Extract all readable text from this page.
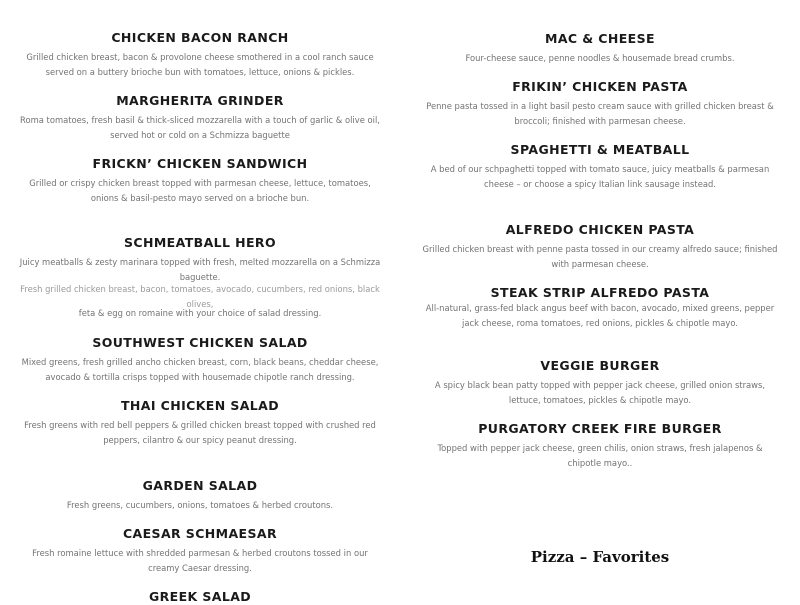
CHICKEN BACON RANCH
Grilled chicken breast, bacon & provolone cheese smothered in a cool ranch sauce served on a buttery brioche bun with tomatoes, lettuce, onions & pickles.
MARGHERITA GRINDER
Roma tomatoes, fresh basil & thick-sliced mozzarella with a touch of garlic & olive oil, served hot or cold on a Schmizza baguette
FRICKN’ CHICKEN SANDWICH
Grilled or crispy chicken breast topped with parmesan cheese, lettuce, tomatoes, onions & basil-pesto mayo served on a brioche bun.
SCHMEATBALL HERO
Juicy meatballs & zesty marinara topped with fresh, melted mozzarella on a Schmizza baguette.
Fresh grilled chicken breast, bacon, tomatoes, avocado, cucumbers, red onions, black olives,
feta & egg on romaine with your choice of salad dressing.
SOUTHWEST CHICKEN SALAD
Mixed greens, fresh grilled ancho chicken breast, corn, black beans, cheddar cheese, avocado & tortilla crisps topped with housemade chipotle ranch dressing.
THAI CHICKEN SALAD
Fresh greens with red bell peppers & grilled chicken breast topped with crushed red peppers, cilantro & our spicy peanut dressing.
GARDEN SALAD
Fresh greens, cucumbers, onions, tomatoes & herbed croutons.
CAESAR SCHMAESAR
Fresh romaine lettuce with shredded parmesan & herbed croutons tossed in our creamy Caesar dressing.
GREEK SALAD
MAC & CHEESE
Four-cheese sauce, penne noodles & housemade bread crumbs.
FRIKIN’ CHICKEN PASTA
Penne pasta tossed in a light basil pesto cream sauce with grilled chicken breast & broccoli; finished with parmesan cheese.
SPAGHETTI & MEATBALL
A bed of our schpaghetti topped with tomato sauce, juicy meatballs & parmesan cheese – or choose a spicy Italian link sausage instead.
ALFREDO CHICKEN PASTA
Grilled chicken breast with penne pasta tossed in our creamy alfredo sauce; finished with parmesan cheese.
STEAK STRIP ALFREDO PASTA
All-natural, grass-fed black angus beef with bacon, avocado, mixed greens, pepper jack cheese, roma tomatoes, red onions, pickles & chipotle mayo.
VEGGIE BURGER
A spicy black bean patty topped with pepper jack cheese, grilled onion straws, lettuce, tomatoes, pickles & chipotle mayo.
PURGATORY CREEK FIRE BURGER
Topped with pepper jack cheese, green chilis, onion straws, fresh jalapenos & chipotle mayo..
Pizza – Favorites
